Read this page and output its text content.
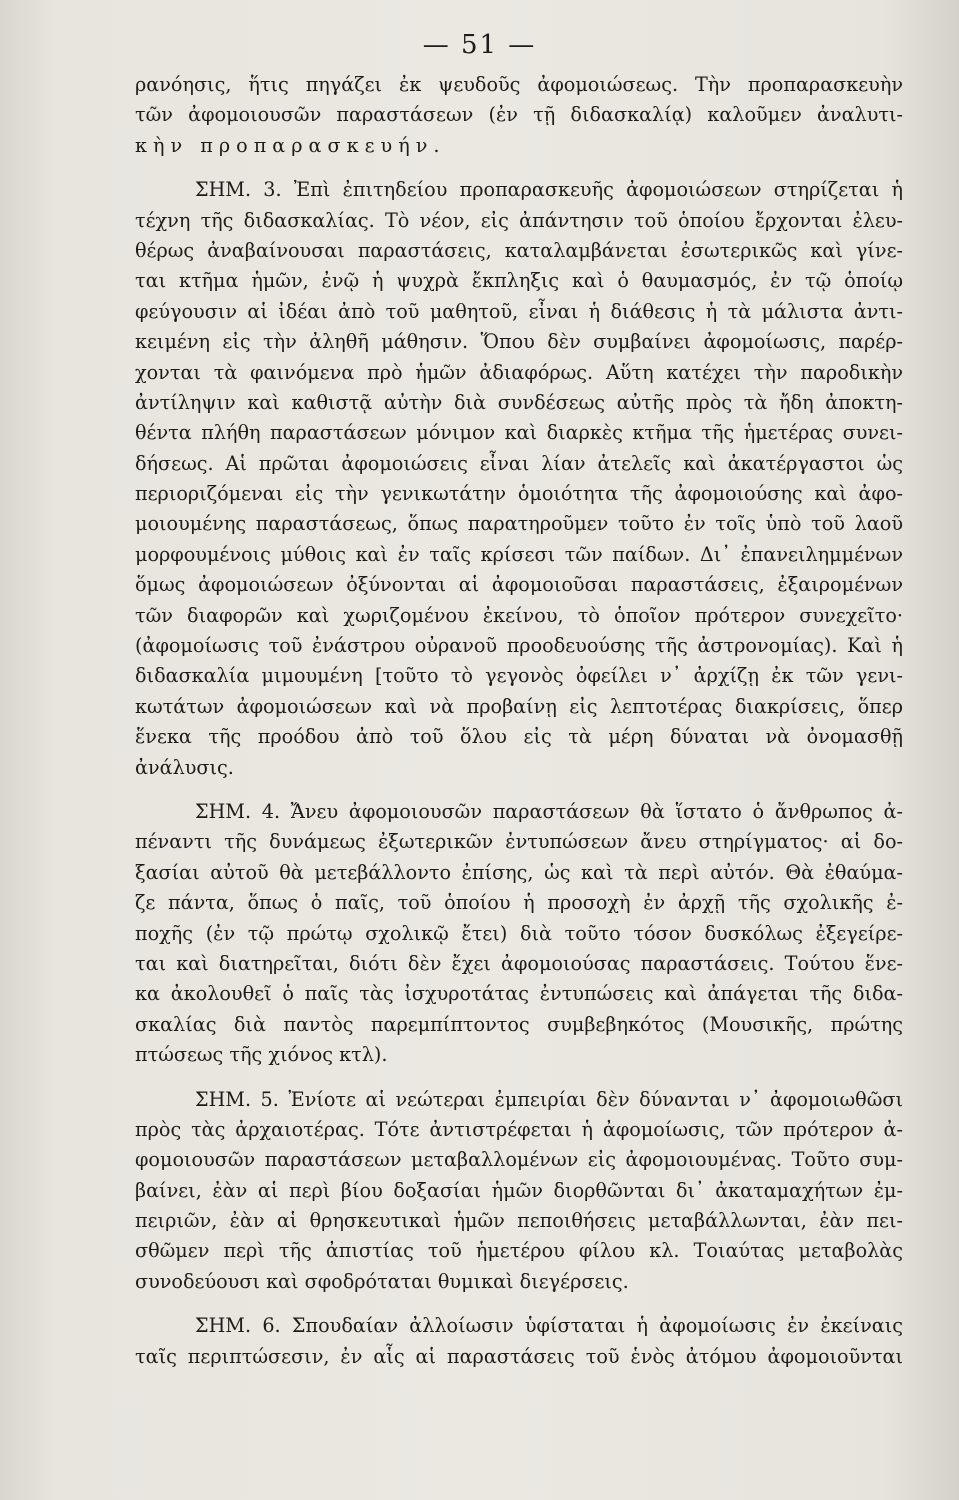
— 51 —
ρανόησις, ἥτις πηγάζει ἐκ ψευδοῦς ἀφομοιώσεως. Τὴν προπαρασκευὴν
τῶν ἀφομοιουσῶν παραστάσεων (ἐν τῇ διδασκαλίᾳ) καλοῦμεν ἀναλυτι-
κὴν προπαρασκευήν.
ΣΗΜ. 3. Ἐπὶ ἐπιτηδείου προπαρασκευῆς ἀφομοιώσεων στηρίζεται ἡ
τέχνη τῆς διδασκαλίας. Τὸ νέον, εἰς ἀπάντησιν τοῦ ὁποίου ἔρχονται ἐλευ-
θέρως ἀναβαίνουσαι παραστάσεις, καταλαμβάνεται ἐσωτερικῶς καὶ γίνε-
ται κτῆμα ἡμῶν, ἐνῷ ἡ ψυχρὰ ἔκπληξις καὶ ὁ θαυμασμός, ἐν τῷ ὁποίῳ
φεύγουσιν αἱ ἰδέαι ἀπὸ τοῦ μαθητοῦ, εἶναι ἡ διάθεσις ἡ τὰ μάλιστα ἀντι-
κειμένη εἰς τὴν ἀληθῆ μάθησιν. Ὅπου δὲν συμβαίνει ἀφομοίωσις, παρέρ-
χονται τὰ φαινόμενα πρὸ ἡμῶν ἀδιαφόρως. Αὕτη κατέχει τὴν παροδικὴν
ἀντίληψιν καὶ καθιστᾷ αὐτὴν διὰ συνδέσεως αὐτῆς πρὸς τὰ ἤδη ἀποκτη-
θέντα πλήθη παραστάσεων μόνιμον καὶ διαρκὲς κτῆμα τῆς ἡμετέρας συνει-
δήσεως. Αἱ πρῶται ἀφομοιώσεις εἶναι λίαν ἀτελεῖς καὶ ἀκατέργαστοι ὡς
περιοριζόμεναι εἰς τὴν γενικωτάτην ὁμοιότητα τῆς ἀφομοιούσης καὶ ἀφο-
μοιουμένης παραστάσεως, ὅπως παρατηροῦμεν τοῦτο ἐν τοῖς ὑπὸ τοῦ λαοῦ
μορφουμένοις μύθοις καὶ ἐν ταῖς κρίσεσι τῶν παίδων. Δι᾽ ἐπανειλημμένων
ὅμως ἀφομοιώσεων ὀξύνονται αἱ ἀφομοιοῦσαι παραστάσεις, ἐξαιρομένων
τῶν διαφορῶν καὶ χωριζομένου ἐκείνου, τὸ ὁποῖον πρότερον συνεχεῖτο·
(ἀφομοίωσις τοῦ ἐνάστρου οὐρανοῦ προοδευούσης τῆς ἀστρονομίας). Καὶ ἡ
διδασκαλία μιμουμένη [τοῦτο τὸ γεγονὸς ὀφείλει ν᾽ ἀρχίζῃ ἐκ τῶν γενι-
κωτάτων ἀφομοιώσεων καὶ νὰ προβαίνῃ εἰς λεπτοτέρας διακρίσεις, ὅπερ
ἕνεκα τῆς προόδου ἀπὸ τοῦ ὅλου εἰς τὰ μέρη δύναται νὰ ὀνομασθῇ
ἀνάλυσις.
ΣΗΜ. 4. Ἄνευ ἀφομοιουσῶν παραστάσεων θὰ ἵστατο ὁ ἄνθρωπος ἀ-
πέναντι τῆς δυνάμεως ἐξωτερικῶν ἐντυπώσεων ἄνευ στηρίγματος· αἱ δο-
ξασίαι αὐτοῦ θὰ μετεβάλλοντο ἐπίσης, ὡς καὶ τὰ περὶ αὐτόν. Θὰ ἐθαύμα-
ζε πάντα, ὅπως ὁ παῖς, τοῦ ὁποίου ἡ προσοχὴ ἐν ἀρχῇ τῆς σχολικῆς ἐ-
ποχῆς (ἐν τῷ πρώτῳ σχολικῷ ἔτει) διὰ τοῦτο τόσον δυσκόλως ἐξεγείρε-
ται καὶ διατηρεῖται, διότι δὲν ἔχει ἀφομοιούσας παραστάσεις. Τούτου ἕνε-
κα ἀκολουθεῖ ὁ παῖς τὰς ἰσχυροτάτας ἐντυπώσεις καὶ ἀπάγεται τῆς διδα-
σκαλίας διὰ παντὸς παρεμπίπτοντος συμβεβηκότος (Μουσικῆς, πρώτης
πτώσεως τῆς χιόνος κτλ).
ΣΗΜ. 5. Ἐνίοτε αἱ νεώτεραι ἐμπειρίαι δὲν δύνανται ν᾽ ἀφομοιωθῶσι
πρὸς τὰς ἀρχαιοτέρας. Τότε ἀντιστρέφεται ἡ ἀφομοίωσις, τῶν πρότερον ἀ-
φομοιουσῶν παραστάσεων μεταβαλλομένων εἰς ἀφομοιουμένας. Τοῦτο συμ-
βαίνει, ἐὰν αἱ περὶ βίου δοξασίαι ἡμῶν διορθῶνται δι᾽ ἀκαταμαχήτων ἐμ-
πειριῶν, ἐὰν αἱ θρησκευτικαὶ ἡμῶν πεποιθήσεις μεταβάλλωνται, ἐὰν πει-
σθῶμεν περὶ τῆς ἀπιστίας τοῦ ἡμετέρου φίλου κλ. Τοιαύτας μεταβολὰς
συνοδεύουσι καὶ σφοδρόταται θυμικαὶ διεγέρσεις.
ΣΗΜ. 6. Σπουδαίαν ἀλλοίωσιν ὑφίσταται ἡ ἀφομοίωσις ἐν ἐκείναις
ταῖς περιπτώσεσιν, ἐν αἷς αἱ παραστάσεις τοῦ ἑνὸς ἀτόμου ἀφομοιοῦνται
